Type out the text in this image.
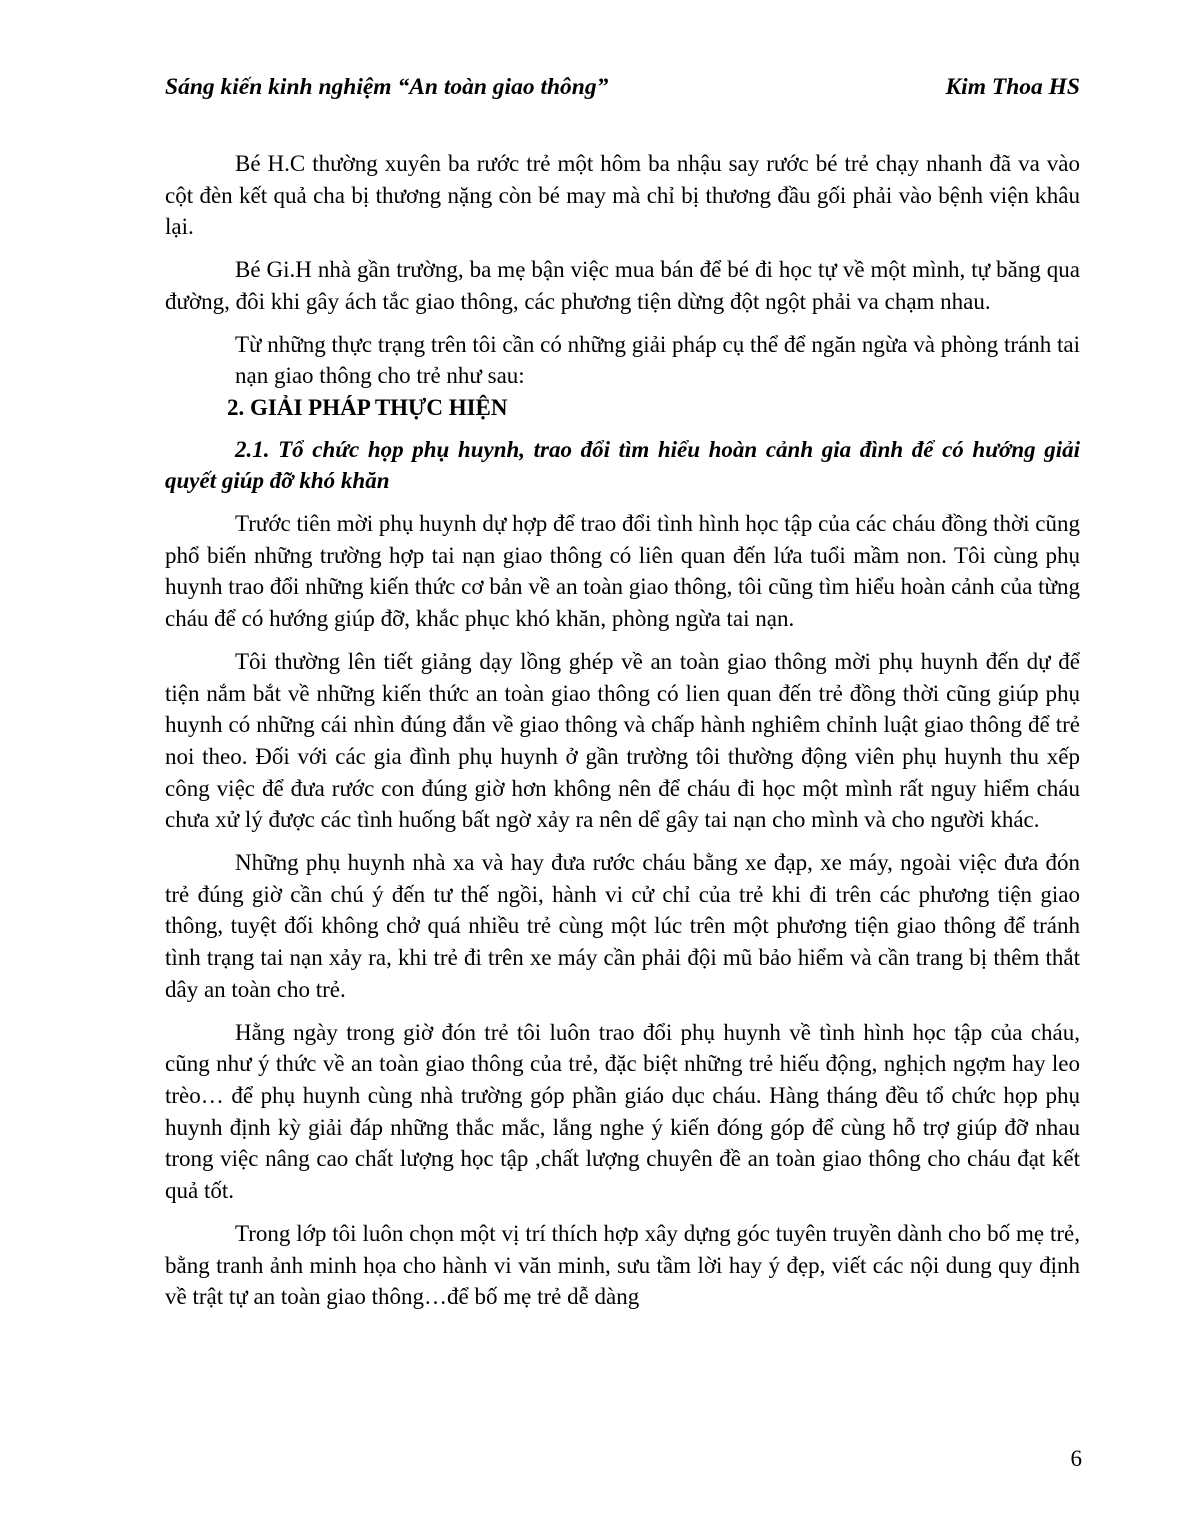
Sáng kiến kinh nghiệm “An toàn giao thông”	Kim Thoa HS

Bé H.C thường xuyên ba rước trẻ một hôm ba nhậu say rước bé trẻ chạy nhanh đã va vào cột đèn kết quả cha bị thương nặng còn bé may mà chỉ bị thương đầu gối phải vào bệnh viện khâu lại.

Bé Gi.H nhà gần trường, ba mẹ bận việc mua bán để bé đi học tự về một mình, tự băng qua đường, đôi khi gây ách tắc giao thông, các phương tiện dừng đột ngột phải va chạm nhau.

Từ những thực trạng trên tôi cần có những giải pháp cụ thể để ngăn ngừa và phòng tránh tai nạn giao thông cho trẻ như sau:

2. GIẢI PHÁP THỰC HIỆN
2.1. Tổ chức họp phụ huynh, trao đổi tìm hiểu hoàn cảnh gia đình để có hướng giải quyết giúp đỡ khó khăn

Trước tiên mời phụ huynh dự hợp để trao đổi tình hình học tập của các cháu đồng thời cũng phổ biến những trường hợp tai nạn giao thông có liên quan đến lứa tuổi mầm non. Tôi cùng phụ huynh trao đổi những kiến thức cơ bản về an toàn giao thông, tôi cũng tìm hiểu hoàn cảnh của từng cháu để có hướng giúp đỡ, khắc phục khó khăn, phòng ngừa tai nạn.

Tôi thường lên tiết giảng dạy lồng ghép về an toàn giao thông mời phụ huynh đến dự để tiện nắm bắt về những kiến thức an toàn giao thông có lien quan đến trẻ đồng thời cũng giúp phụ huynh có những cái nhìn đúng đắn về giao thông và chấp hành nghiêm chỉnh luật giao thông để trẻ noi theo. Đối với các gia đình phụ huynh ở gần trường tôi thường động viên phụ huynh thu xếp công việc để đưa rước con đúng giờ hơn không nên để cháu đi học một mình rất nguy hiểm cháu chưa xử lý được các tình huống bất ngờ xảy ra nên dể gây tai nạn cho mình và cho người khác.

Những phụ huynh nhà xa và hay đưa rước cháu bằng xe đạp, xe máy, ngoài việc đưa đón trẻ đúng giờ cần chú ý đến tư thế ngồi, hành vi cử chỉ của trẻ khi đi trên các phương tiện giao thông, tuyệt đối không chở quá nhiều trẻ cùng một lúc trên một phương tiện giao thông để tránh tình trạng tai nạn xảy ra, khi trẻ đi trên xe máy cần phải đội mũ bảo hiểm và cần trang bị thêm thắt dây an toàn cho trẻ.

Hằng ngày trong giờ đón trẻ tôi luôn trao đổi phụ huynh về tình hình học tập của cháu, cũng như ý thức về an toàn giao thông của trẻ, đặc biệt những trẻ hiếu động, nghịch ngợm hay leo trèo… để phụ huynh cùng nhà trường góp phần giáo dục cháu. Hàng tháng đều tổ chức họp phụ huynh định kỳ giải đáp những thắc mắc, lắng nghe ý kiến đóng góp để cùng hỗ trợ giúp đỡ nhau trong việc nâng cao chất lượng học tập ,chất lượng chuyên đề an toàn giao thông cho cháu đạt kết quả tốt.

Trong lớp tôi luôn chọn một vị trí thích hợp xây dựng góc tuyên truyền dành cho bố mẹ trẻ, bằng tranh ảnh minh họa cho hành vi văn minh, sưu tầm lời hay ý đẹp, viết các nội dung quy định về trật tự an toàn giao thông…để bố mẹ trẻ dễ dàng

6
